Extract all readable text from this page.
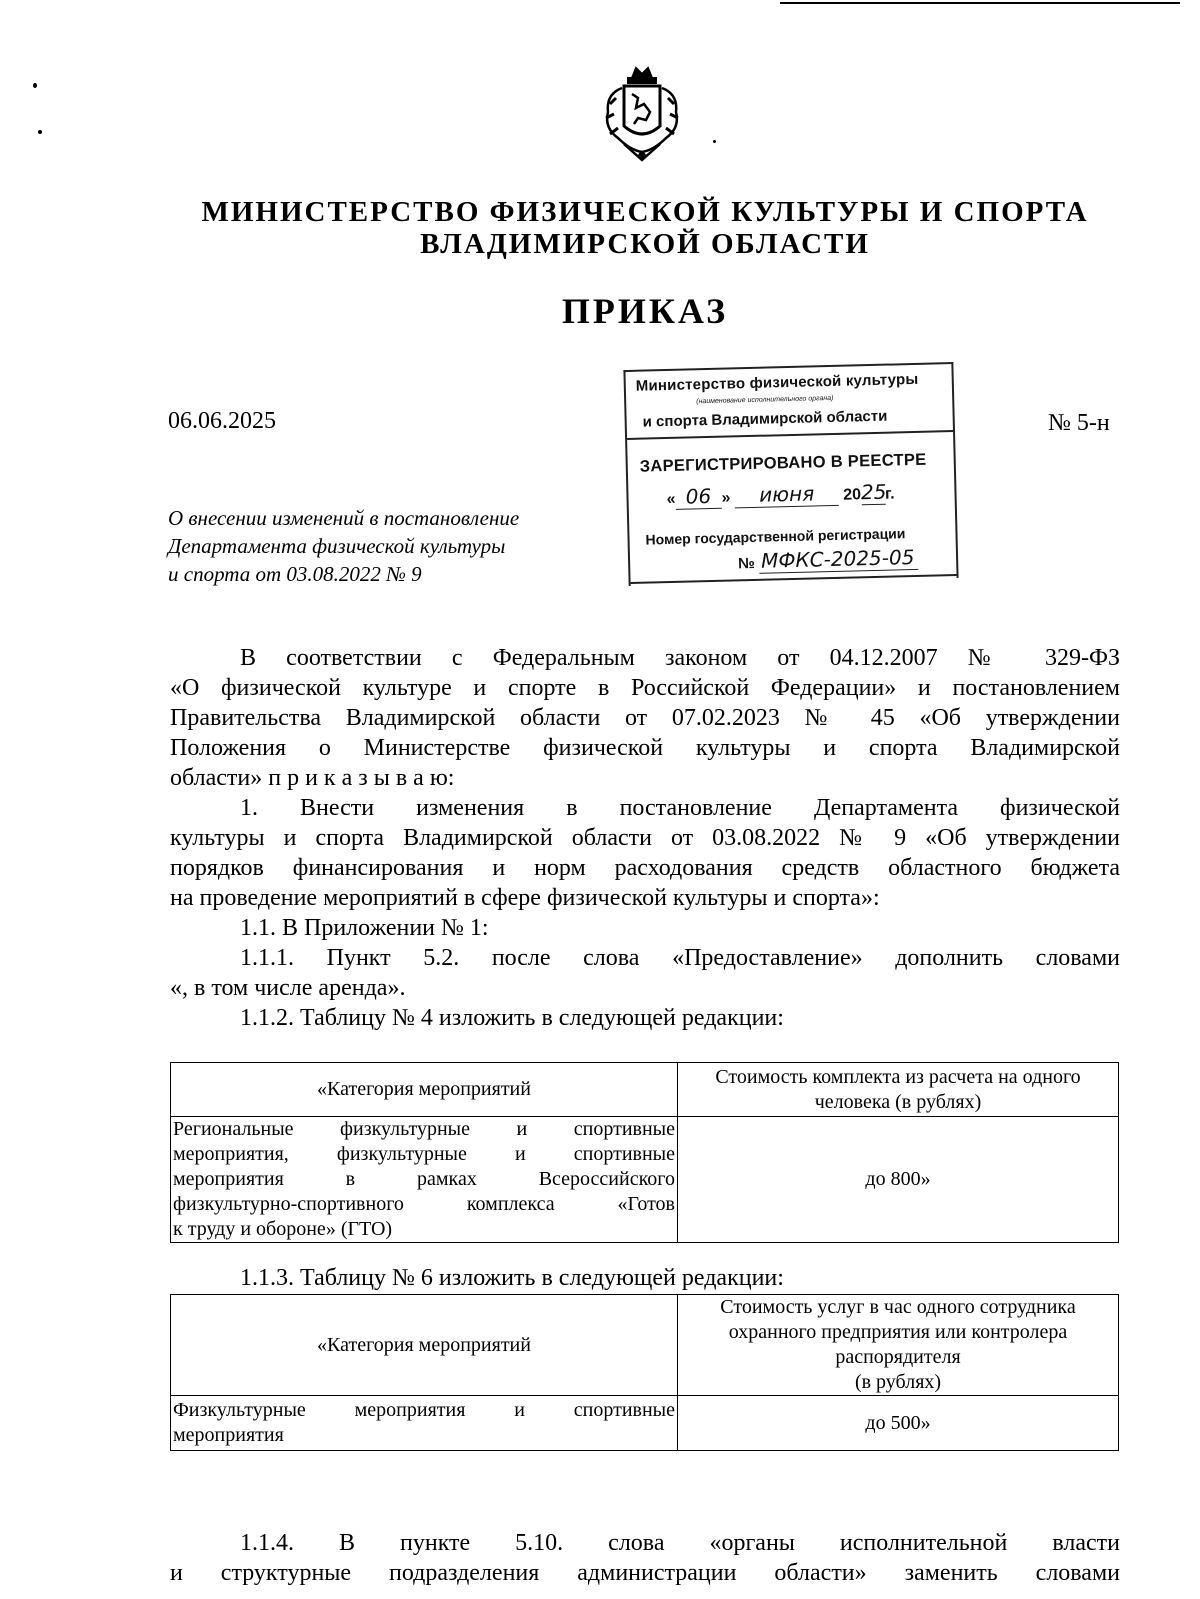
МИНИСТЕРСТВО ФИЗИЧЕСКОЙ КУЛЬТУРЫ И СПОРТА
ВЛАДИМИРСКОЙ ОБЛАСТИ
ПРИКАЗ
06.06.2025	№ 5-н
О внесении изменений в постановление
Департамента физической культуры
и спорта от 03.08.2022 № 9
Министерство физической культуры
(наименование исполнительного органа)
и спорта Владимирской области
ЗАРЕГИСТРИРОВАНО В РЕЕСТРЕ
« 06 » июня 2025г.
Номер государственной регистрации
№ МФКС-2025-05
В соответствии с Федеральным законом от 04.12.2007 № 329-ФЗ
«О физической культуре и спорте в Российской Федерации» и постановлением
Правительства Владимирской области от 07.02.2023 № 45 «Об утверждении
Положения о Министерстве физической культуры и спорта Владимирской
области» п р и к а з ы в а ю:
1. Внести изменения в постановление Департамента физической
культуры и спорта Владимирской области от 03.08.2022 № 9 «Об утверждении
порядков финансирования и норм расходования средств областного бюджета
на проведение мероприятий в сфере физической культуры и спорта»:
1.1. В Приложении № 1:
1.1.1. Пункт 5.2. после слова «Предоставление» дополнить словами
«, в том числе аренда».
1.1.2. Таблицу № 4 изложить в следующей редакции:
«Категория мероприятий	Стоимость комплекта из расчета на одного
человека (в рублях)

Региональные физкультурные и спортивные
мероприятия, физкультурные и спортивные
мероприятия в рамках Всероссийского
физкультурно-спортивного комплекса «Готов
к труду и обороне» (ГТО)	до 800»
1.1.3. Таблицу № 6 изложить в следующей редакции:
«Категория мероприятий	Стоимость услуг в час одного сотрудника
охранного предприятия или контролера
распорядителя
(в рублях)

Физкультурные мероприятия и спортивные
мероприятия	до 500»
1.1.4. В пункте 5.10. слова «органы исполнительной власти
и структурные подразделения администрации области» заменить словами
